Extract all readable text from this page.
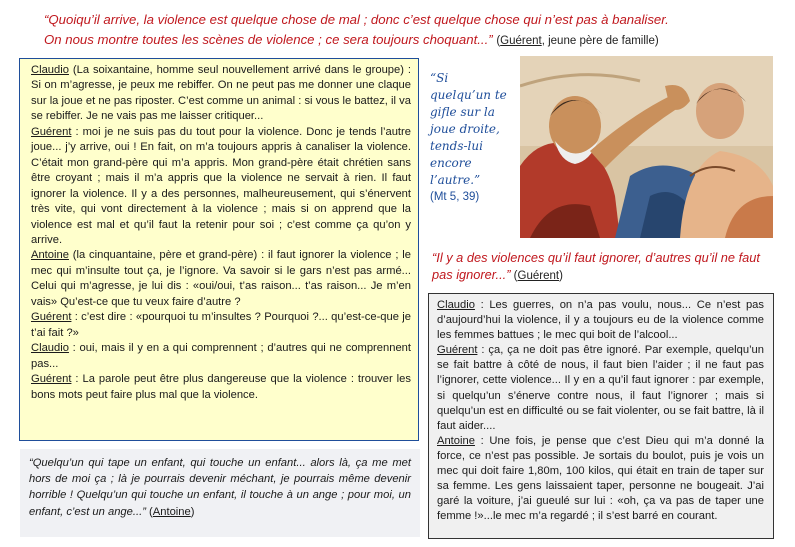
“Quoiqu’il arrive, la violence est quelque chose de mal ; donc c’est quelque chose qui n’est pas à banaliser.
On nous montre toutes les scènes de violence ; ce sera toujours choquant...” (Guérent, jeune père de famille)

Claudio (La soixantaine, homme seul nouvellement arrivé dans le groupe) : Si on m’agresse, je peux me rebiffer. On ne peut pas me donner une claque sur la joue et ne pas riposter. C’est comme un animal : si vous le battez, il va se rebiffer. Je ne vais pas me laisser critiquer...

Guérent : moi je ne suis pas du tout pour la violence. Donc je tends l’autre joue... j’y arrive, oui ! En fait, on m’a toujours appris à canaliser la violence. C’était mon grand-père qui m’a appris. Mon grand-père était chrétien sans être croyant ; mais il m’a appris que la violence ne servait à rien. Il faut ignorer la violence. Il y a des personnes, malheureusement, qui s’énervent très vite, qui vont directement à la violence ; mais si on apprend que la violence est mal et qu’il faut la retenir pour soi ; c’est comme ça qu’on y arrive.

Antoine (la cinquantaine, père et grand-père) : il faut ignorer la violence ; le mec qui m’insulte tout ça, je l’ignore. Va savoir si le gars n’est pas armé... Celui qui m’agresse, je lui dis : «oui/oui, t’as raison... t’as raison... Je m’en vais» Qu’est-ce que tu veux faire d’autre ?

Guérent : c’est dire : «pourquoi tu m’insultes ? Pourquoi ?... qu’est-ce-que je t’ai fait ?»

Claudio : oui, mais il y en a qui comprennent ; d’autres qui ne comprennent pas...

Guérent : La parole peut être plus dangereuse que la violence : trouver les bons mots peut faire plus mal que la violence.

“Quelqu’un qui tape un enfant, qui touche un enfant... alors là, ça me met hors de moi ça ; là je pourrais devenir méchant, je pourrais même devenir horrible ! Quelqu’un qui touche un enfant, il touche à un ange ; pour moi, un enfant, c’est un ange...” (Antoine)
“Si quelqu’un te gifle sur la joue droite, tends-lui encore l’autre.”
(Mt 5, 39)
“Il y a des violences qu’il faut ignorer, d’autres qu’il ne faut pas ignorer...” (Guérent)

Claudio : Les guerres, on n’a pas voulu, nous... Ce n’est pas d’aujourd’hui la violence, il y a toujours eu de la violence comme les femmes battues ; le mec qui boit de l’alcool...

Guérent : ça, ça ne doit pas être ignoré. Par exemple, quelqu’un se fait battre à côté de nous, il faut bien l’aider ; il ne faut pas l’ignorer, cette violence... Il y en a qu’il faut ignorer : par exemple, si quelqu’un s’énerve contre nous, il faut l’ignorer ; mais si quelqu’un est en difficulté ou se fait violenter, ou se fait battre, là il faut aider....

Antoine : Une fois, je pense que c’est Dieu qui m’a donné la force, ce n’est pas possible. Je sortais du boulot, puis je vois un mec qui doit faire 1,80m, 100 kilos, qui était en train de taper sur sa femme. Les gens laissaient taper, personne ne bougeait. J’ai garé la voiture, j’ai gueulé sur lui : «oh, ça va pas de taper une femme !»...le mec m’a regardé ; il s’est barré en courant.
